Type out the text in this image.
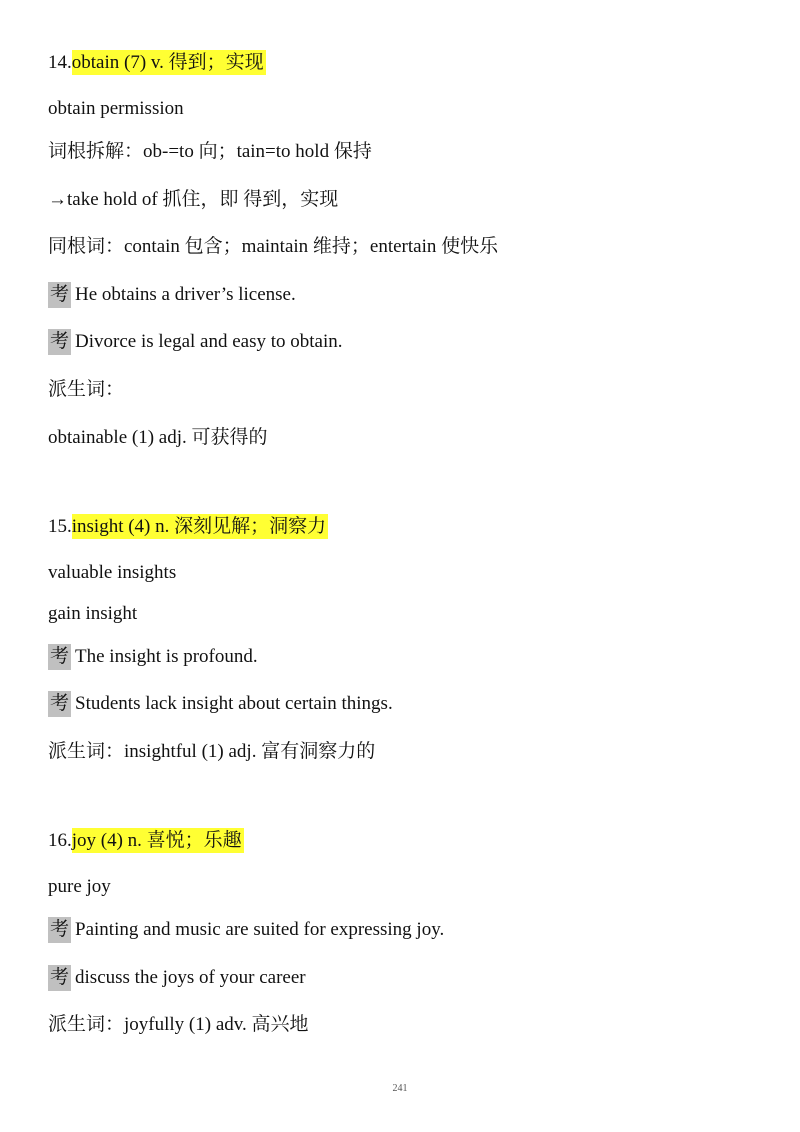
14.obtain (7) v. 得到；实现
obtain permission
词根拆解：ob-=to 向；tain=to hold 保持
→take hold of 抓住，即 得到，实现
同根词：contain 包含；maintain 维持；entertain 使快乐
考 He obtains a driver’s license.
考 Divorce is legal and easy to obtain.
派生词：
obtainable (1) adj. 可获得的
15.insight (4) n. 深刻见解；洞察力
valuable insights
gain insight
考 The insight is profound.
考 Students lack insight about certain things.
派生词：insightful (1) adj. 富有洞察力的
16.joy (4) n. 喜悦；乐趣
pure joy
考 Painting and music are suited for expressing joy.
考 discuss the joys of your career
派生词：joyfully (1) adv. 高兴地
241
